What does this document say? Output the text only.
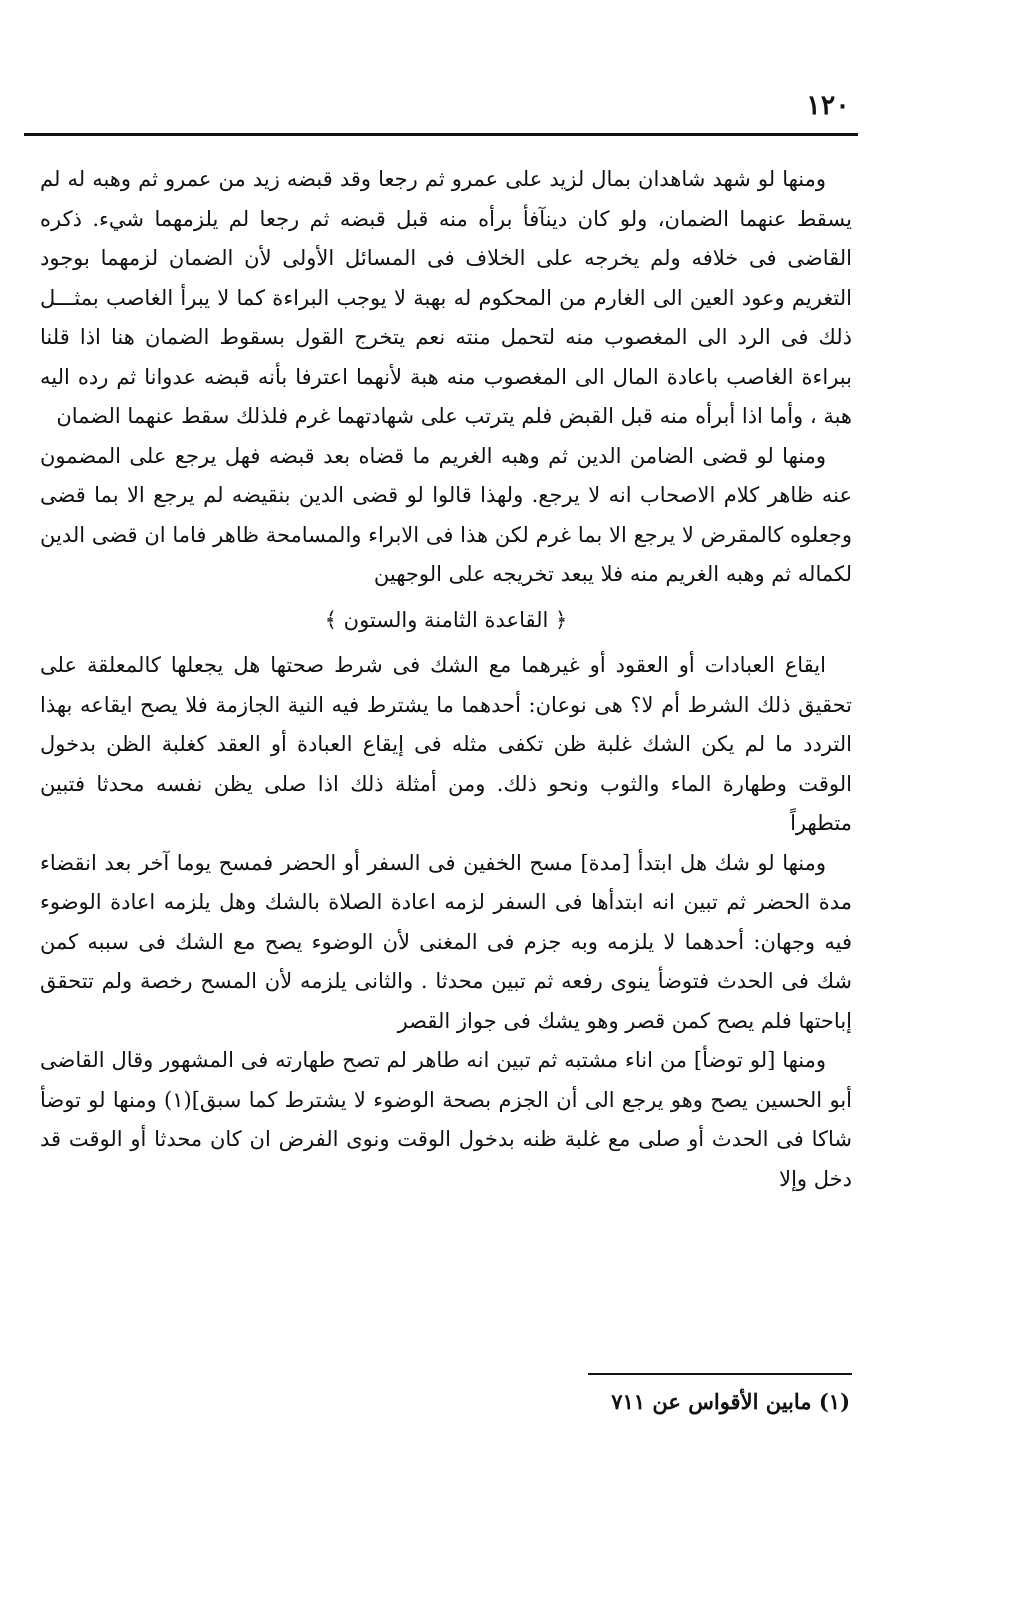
١٢٠

ومنها لو شهد شاهدان بمال لزيد على عمرو ثم رجعا وقد قبضه زيد من عمرو ثم وهبه له لم يسقط عنهما الضمان، ولو كان دينآفأ برأه منه قبل قبضه ثم رجعا لم يلزمهما شيء. ذكره القاضى فى خلافه ولم يخرجه على الخلاف فى المسائل الأولى لأن الضمان لزمهما بوجود التغريم وعود العين الى الغارم من المحكوم له بهبة لا يوجب البراءة كما لا يبرأ الغاصب بمثـــل ذلك فى الرد الى المغصوب منه لتحمل منته نعم يتخرج القول بسقوط الضمان هنا اذا قلنا ببراءة الغاصب باعادة المال الى المغصوب منه هبة لأنهما اعترفا بأنه قبضه عدوانا ثم رده اليه هبة ، وأما اذا أبرأه منه قبل القبض فلم يترتب على شهادتهما غرم فلذلك سقط عنهما الضمان

ومنها لو قضى الضامن الدين ثم وهبه الغريم ما قضاه بعد قبضه فهل يرجع على المضمون عنه ظاهر كلام الاصحاب انه لا يرجع. ولهذا قالوا لو قضى الدين بنقيضه لم يرجع الا بما قضى وجعلوه كالمقرض لا يرجع الا بما غرم لكن هذا فى الابراء والمسامحة ظاهر فاما ان قضى الدين لكماله ثم وهبه الغريم منه فلا يبعد تخريجه على الوجهين

﴿ القاعدة الثامنة والستون ﴾

ايقاع العبادات أو العقود أو غيرهما مع الشك فى شرط صحتها هل يجعلها كالمعلقة على تحقيق ذلك الشرط أم لا؟ هى نوعان: أحدهما ما يشترط فيه النية الجازمة فلا يصح ايقاعه بهذا التردد ما لم يكن الشك غلبة ظن تكفى مثله فى إيقاع العبادة أو العقد كغلبة الظن بدخول الوقت وطهارة الماء والثوب ونحو ذلك. ومن أمثلة ذلك اذا صلى يظن نفسه محدثا فتبين متطهراً

ومنها لو شك هل ابتدأ [مدة] مسح الخفين فى السفر أو الحضر فمسح يوما آخر بعد انقضاء مدة الحضر ثم تبين انه ابتدأها فى السفر لزمه اعادة الصلاة بالشك وهل يلزمه اعادة الوضوء فيه وجهان: أحدهما لا يلزمه وبه جزم فى المغنى لأن الوضوء يصح مع الشك فى سببه كمن شك فى الحدث فتوضأ ينوى رفعه ثم تبين محدثا . والثانى يلزمه لأن المسح رخصة ولم تتحقق إباحتها فلم يصح كمن قصر وهو يشك فى جواز القصر

ومنها [لو توضأ] من اناء مشتبه ثم تبين انه طاهر لم تصح طهارته فى المشهور وقال القاضى أبو الحسين يصح وهو يرجع الى أن الجزم بصحة الوضوء لا يشترط كما سبق](١) ومنها لو توضأ شاكا فى الحدث أو صلى مع غلبة ظنه بدخول الوقت ونوى الفرض ان كان محدثا أو الوقت قد دخل وإلا

(١) مابين الأقواس عن ٧١١
